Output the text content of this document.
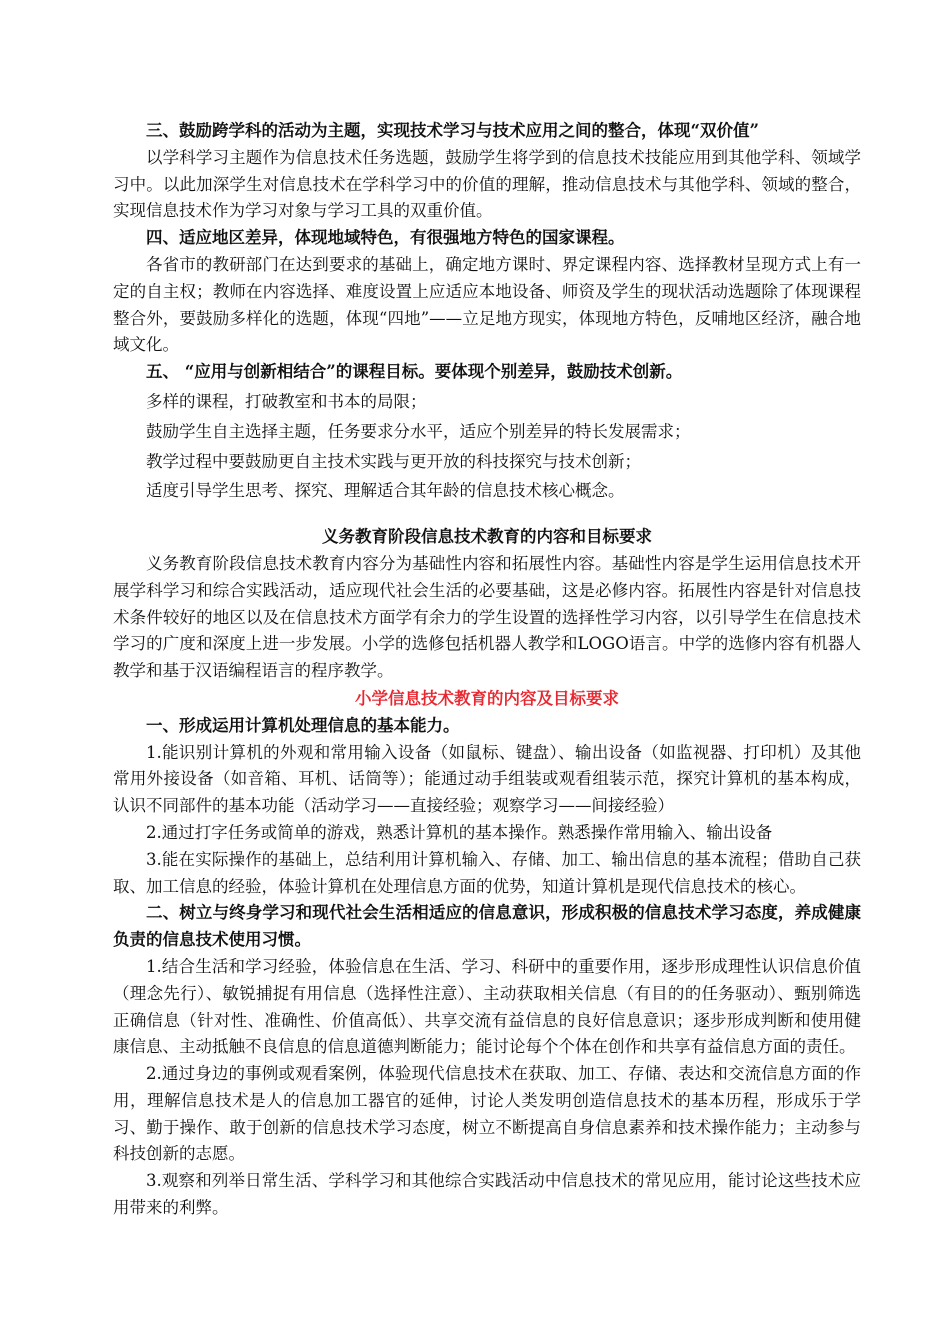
三、鼓励跨学科的活动为主题，实现技术学习与技术应用之间的整合，体现“双价值”

以学科学习主题作为信息技术任务选题，鼓励学生将学到的信息技术技能应用到其他学科、领域学习中。以此加深学生对信息技术在学科学习中的价值的理解，推动信息技术与其他学科、领域的整合，实现信息技术作为学习对象与学习工具的双重价值。

四、适应地区差异，体现地域特色，有很强地方特色的国家课程。

各省市的教研部门在达到要求的基础上，确定地方课时、界定课程内容、选择教材呈现方式上有一定的自主权；教师在内容选择、难度设置上应适应本地设备、师资及学生的现状活动选题除了体现课程整合外，要鼓励多样化的选题，体现“四地”——立足地方现实，体现地方特色，反哺地区经济，融合地域文化。

五、 “应用与创新相结合”的课程目标。要体现个别差异，鼓励技术创新。

多样的课程，打破教室和书本的局限；

鼓励学生自主选择主题，任务要求分水平，适应个别差异的特长发展需求；

教学过程中要鼓励更自主技术实践与更开放的科技探究与技术创新；

适度引导学生思考、探究、理解适合其年龄的信息技术核心概念。

义务教育阶段信息技术教育的内容和目标要求

义务教育阶段信息技术教育内容分为基础性内容和拓展性内容。基础性内容是学生运用信息技术开展学科学习和综合实践活动，适应现代社会生活的必要基础，这是必修内容。拓展性内容是针对信息技术条件较好的地区以及在信息技术方面学有余力的学生设置的选择性学习内容，以引导学生在信息技术学习的广度和深度上进一步发展。小学的选修包括机器人教学和LOGO语言。中学的选修内容有机器人教学和基于汉语编程语言的程序教学。

小学信息技术教育的内容及目标要求

一、形成运用计算机处理信息的基本能力。

1.能识别计算机的外观和常用输入设备（如鼠标、键盘）、输出设备（如监视器、打印机）及其他常用外接设备（如音箱、耳机、话筒等）；能通过动手组装或观看组装示范，探究计算机的基本构成，认识不同部件的基本功能（活动学习——直接经验；观察学习——间接经验）

2.通过打字任务或简单的游戏，熟悉计算机的基本操作。熟悉操作常用输入、输出设备

3.能在实际操作的基础上，总结利用计算机输入、存储、加工、输出信息的基本流程；借助自己获取、加工信息的经验，体验计算机在处理信息方面的优势，知道计算机是现代信息技术的核心。

二、树立与终身学习和现代社会生活相适应的信息意识，形成积极的信息技术学习态度，养成健康负责的信息技术使用习惯。

1.结合生活和学习经验，体验信息在生活、学习、科研中的重要作用，逐步形成理性认识信息价值（理念先行）、敏锐捕捉有用信息（选择性注意）、主动获取相关信息（有目的的任务驱动）、甄别筛选正确信息（针对性、准确性、价值高低）、共享交流有益信息的良好信息意识；逐步形成判断和使用健康信息、主动抵触不良信息的信息道德判断能力；能讨论每个个体在创作和共享有益信息方面的责任。

2.通过身边的事例或观看案例，体验现代信息技术在获取、加工、存储、表达和交流信息方面的作用，理解信息技术是人的信息加工器官的延伸，讨论人类发明创造信息技术的基本历程，形成乐于学习、勤于操作、敢于创新的信息技术学习态度，树立不断提高自身信息素养和技术操作能力；主动参与科技创新的志愿。

3.观察和列举日常生活、学科学习和其他综合实践活动中信息技术的常见应用，能讨论这些技术应用带来的利弊。
